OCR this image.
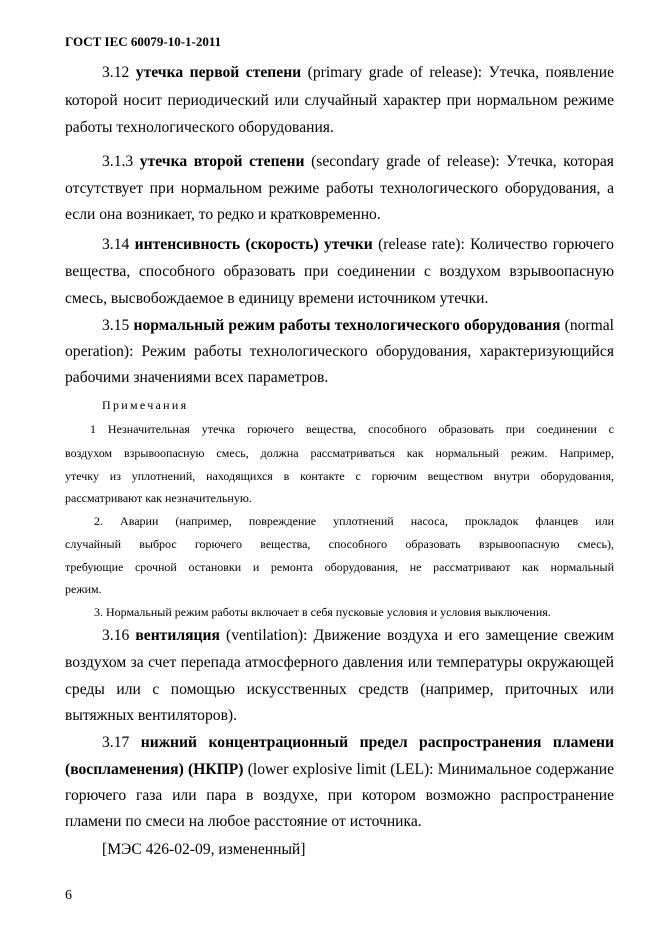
ГОСТ IEC 60079-10-1-2011
3.12 утечка первой степени (primary grade of release): Утечка, появление
которой носит периодический или случайный характер при нормальном режиме
работы технологического оборудования.
3.1.3 утечка второй степени (secondary grade of release): Утечка, которая
отсутствует при нормальном режиме работы технологического оборудования, а
если она возникает, то редко и кратковременно.
3.14 интенсивность (скорость) утечки (release rate): Количество горючего
вещества, способного образовать при соединении с воздухом взрывоопасную
смесь, высвобождаемое в единицу времени источником утечки.
3.15 нормальный режим работы технологического оборудования (normal
operation): Режим работы технологического оборудования, характеризующийся
рабочими значениями всех параметров.
Примечания
1 Незначительная утечка горючего вещества, способного образовать при соединении с
воздухом взрывоопасную смесь, должна рассматриваться как нормальный режим. Например,
утечку из уплотнений, находящихся в контакте с горючим веществом внутри оборудования,
рассматривают как незначительную.
2. Аварии (например, повреждение уплотнений насоса, прокладок фланцев или
случайный выброс горючего вещества, способного образовать взрывоопасную смесь),
требующие срочной остановки и ремонта оборудования, не рассматривают как нормальный
режим.
3. Нормальный режим работы включает в себя пусковые условия и условия выключения.
3.16 вентиляция (ventilation): Движение воздуха и его замещение свежим
воздухом за счет перепада атмосферного давления или температуры окружающей
среды или с помощью искусственных средств (например, приточных или
вытяжных вентиляторов).
3.17 нижний концентрационный предел распространения пламени
(воспламенения) (НКПР) (lower explosive limit (LEL): Минимальное содержание
горючего газа или пара в воздухе, при котором возможно распространение
пламени по смеси на любое расстояние от источника.
[МЭС 426-02-09, измененный]
6
